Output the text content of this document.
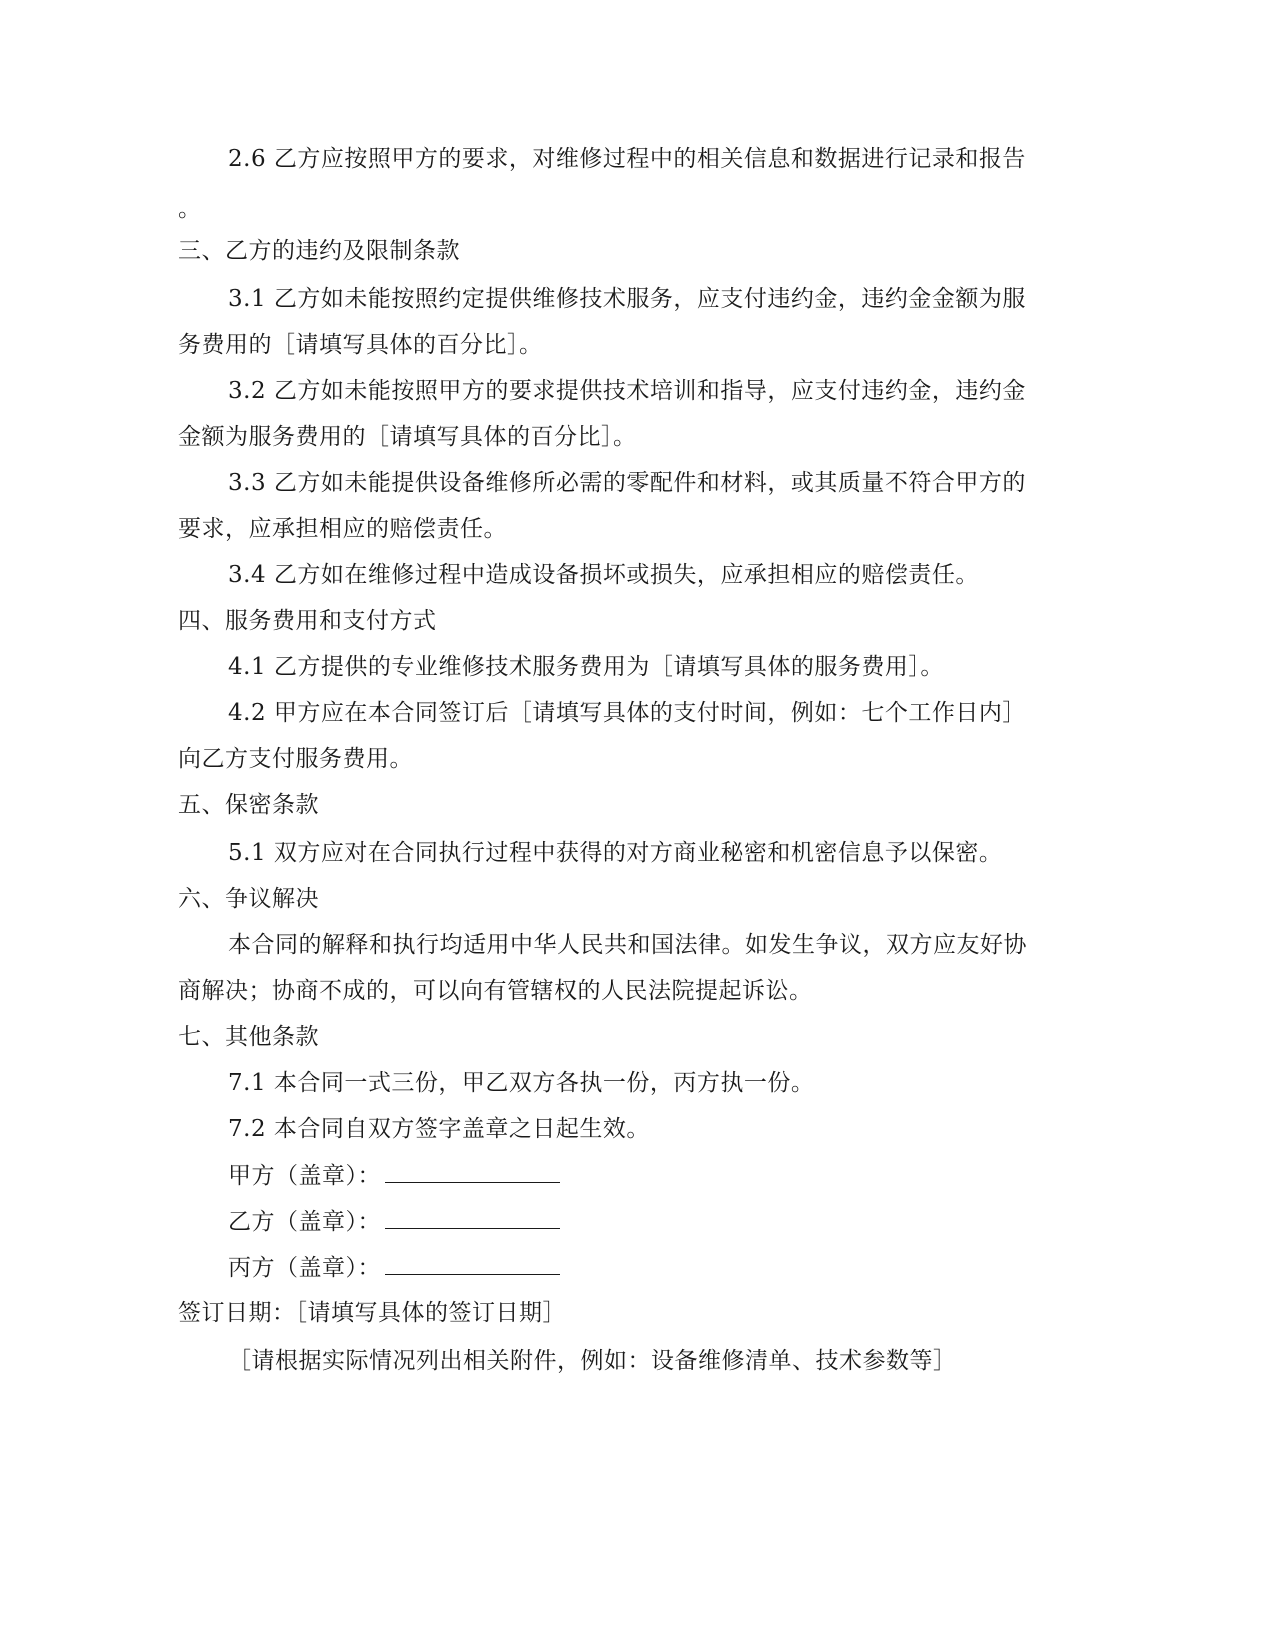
2.6 乙方应按照甲方的要求，对维修过程中的相关信息和数据进行记录和报告
。
三、乙方的违约及限制条款
3.1 乙方如未能按照约定提供维修技术服务，应支付违约金，违约金金额为服
务费用的［请填写具体的百分比］。
3.2 乙方如未能按照甲方的要求提供技术培训和指导，应支付违约金，违约金
金额为服务费用的［请填写具体的百分比］。
3.3 乙方如未能提供设备维修所必需的零配件和材料，或其质量不符合甲方的
要求，应承担相应的赔偿责任。
3.4 乙方如在维修过程中造成设备损坏或损失，应承担相应的赔偿责任。
四、服务费用和支付方式
4.1 乙方提供的专业维修技术服务费用为［请填写具体的服务费用］。
4.2 甲方应在本合同签订后［请填写具体的支付时间，例如：七个工作日内］
向乙方支付服务费用。
五、保密条款
5.1 双方应对在合同执行过程中获得的对方商业秘密和机密信息予以保密。
六、争议解决
本合同的解释和执行均适用中华人民共和国法律。如发生争议，双方应友好协
商解决；协商不成的，可以向有管辖权的人民法院提起诉讼。
七、其他条款
7.1 本合同一式三份，甲乙双方各执一份，丙方执一份。
7.2 本合同自双方签字盖章之日起生效。
甲方（盖章）：
乙方（盖章）：
丙方（盖章）：
签订日期：［请填写具体的签订日期］
［请根据实际情况列出相关附件，例如：设备维修清单、技术参数等］
